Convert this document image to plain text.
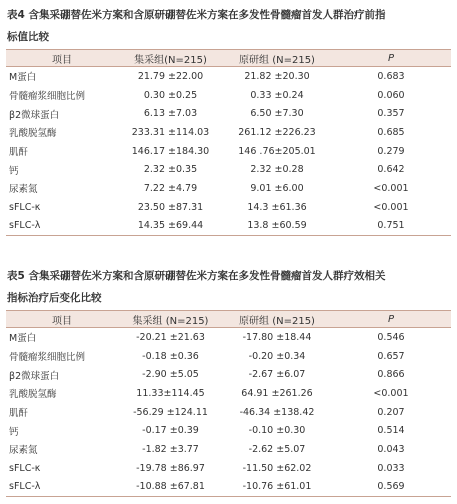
表4 含集采硼替佐米方案和含原研硼替佐米方案在多发性骨髓瘤首发人群治疗前指
标值比较
项目	集采组(N=215)	原研组 (N=215)	P
M蛋白	21.79 ±22.00	21.82 ±20.30	0.683
骨髓瘤浆细胞比例	0.30 ±0.25	0.33 ±0.24	0.060
β2微球蛋白	6.13 ±7.03	6.50 ±7.30	0.357
乳酸脱氢酶	233.31 ±114.03	261.12 ±226.23	0.685
肌酐	146.17 ±184.30	146 .76±205.01	0.279
钙	2.32 ±0.35	2.32 ±0.28	0.642
尿素氮	7.22 ±4.79	9.01 ±6.00	<0.001
sFLC-κ	23.50 ±87.31	14.3 ±61.36	<0.001
sFLC-λ	14.35 ±69.44	13.8 ±60.59	0.751
表5 含集采硼替佐米方案和含原研硼替佐米方案在多发性骨髓瘤首发人群疗效相关
指标治疗后变化比较
项目	集采组 (N=215)	原研组 (N=215)	P
M蛋白	-20.21 ±21.63	-17.80 ±18.44	0.546
骨髓瘤浆细胞比例	-0.18 ±0.36	-0.20 ±0.34	0.657
β2微球蛋白	-2.90 ±5.05	-2.67 ±6.07	0.866
乳酸脱氢酶	11.33±114.45	64.91 ±261.26	<0.001
肌酐	-56.29 ±124.11	-46.34 ±138.42	0.207
钙	-0.17 ±0.39	-0.10 ±0.30	0.514
尿素氮	-1.82 ±3.77	-2.62 ±5.07	0.043
sFLC-κ	-19.78 ±86.97	-11.50 ±62.02	0.033
sFLC-λ	-10.88 ±67.81	-10.76 ±61.01	0.569
